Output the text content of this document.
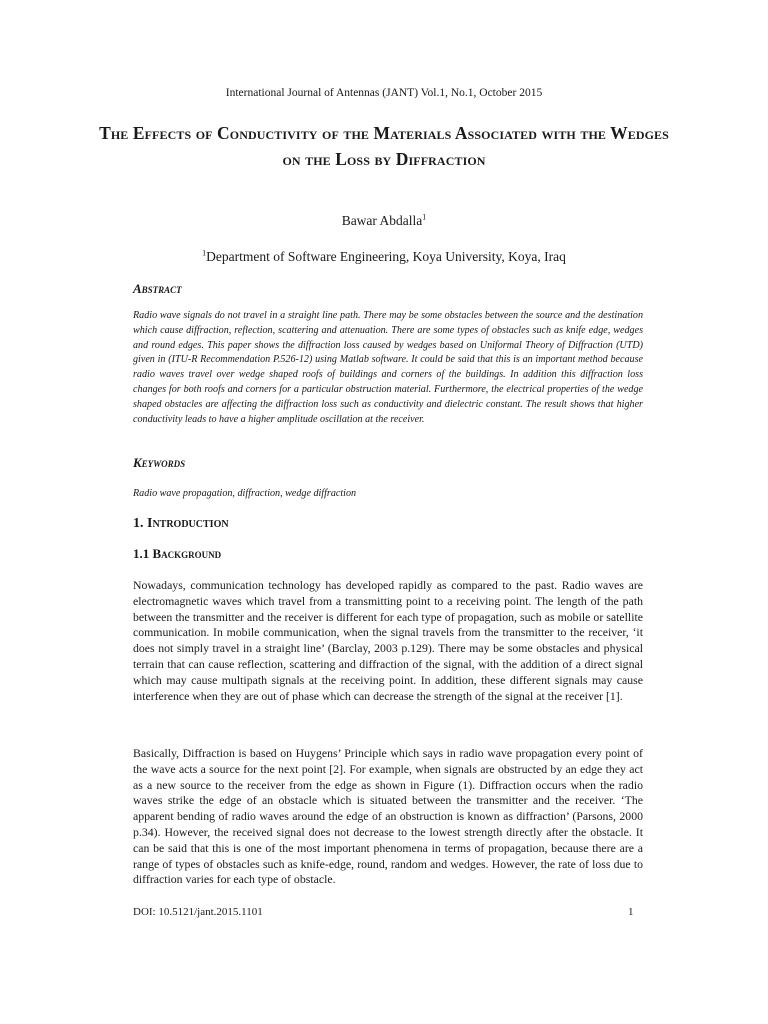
International Journal of Antennas (JANT) Vol.1, No.1, October 2015
The Effects of Conductivity of the Materials Associated with the Wedges on the Loss by Diffraction
Bawar Abdalla$^1$
$^1$Department of Software Engineering, Koya University, Koya, Iraq
Abstract

Radio wave signals do not travel in a straight line path. There may be some obstacles between the source and the destination which cause diffraction, reflection, scattering and attenuation. There are some types of obstacles such as knife edge, wedges and round edges. This paper shows the diffraction loss caused by wedges based on Uniformal Theory of Diffraction (UTD) given in (ITU-R Recommendation P.526-12) using Matlab software. It could be said that this is an important method because radio waves travel over wedge shaped roofs of buildings and corners of the buildings. In addition this diffraction loss changes for both roofs and corners for a particular obstruction material. Furthermore, the electrical properties of the wedge shaped obstacles are affecting the diffraction loss such as conductivity and dielectric constant. The result shows that higher conductivity leads to have a higher amplitude oscillation at the receiver.

Keywords

Radio wave propagation, diffraction, wedge diffraction

1. Introduction
1.1 Background

Nowadays, communication technology has developed rapidly as compared to the past. Radio waves are electromagnetic waves which travel from a transmitting point to a receiving point. The length of the path between the transmitter and the receiver is different for each type of propagation, such as mobile or satellite communication. In mobile communication, when the signal travels from the transmitter to the receiver, ‘it does not simply travel in a straight line’ (Barclay, 2003 p.129). There may be some obstacles and physical terrain that can cause reflection, scattering and diffraction of the signal, with the addition of a direct signal which may cause multipath signals at the receiving point. In addition, these different signals may cause interference when they are out of phase which can decrease the strength of the signal at the receiver [1].

Basically, Diffraction is based on Huygens’ Principle which says in radio wave propagation every point of the wave acts a source for the next point [2]. For example, when signals are obstructed by an edge they act as a new source to the receiver from the edge as shown in Figure (1). Diffraction occurs when the radio waves strike the edge of an obstacle which is situated between the transmitter and the receiver. ‘The apparent bending of radio waves around the edge of an obstruction is known as diffraction’ (Parsons, 2000 p.34). However, the received signal does not decrease to the lowest strength directly after the obstacle. It can be said that this is one of the most important phenomena in terms of propagation, because there are a range of types of obstacles such as knife-edge, round, random and wedges. However, the rate of loss due to diffraction varies for each type of obstacle.

DOI: 10.5121/jant.2015.1101	1
